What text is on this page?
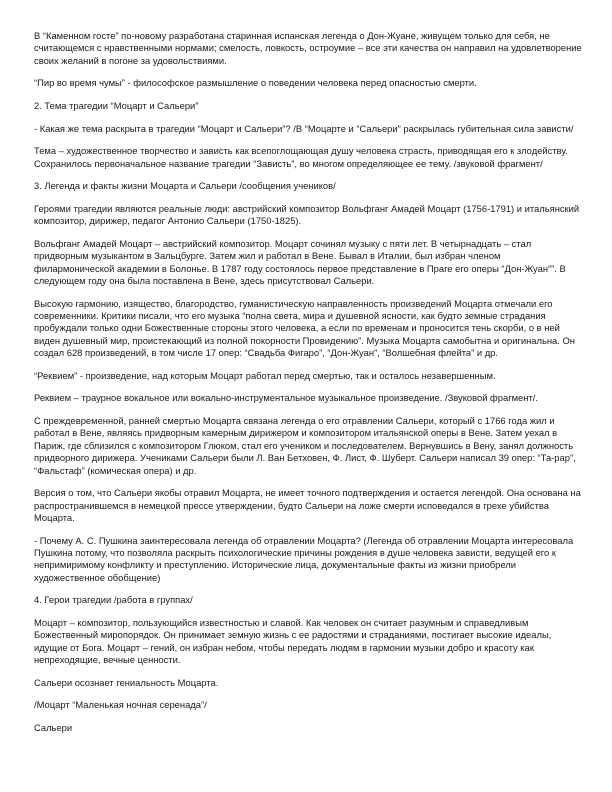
В “Каменном госте” по-новому разработана старинная испанская легенда о Дон-Жуане, живущем только для себя, не считающемся с нравственными нормами; смелость, ловкость, остроумие – все эти качества он направил на удовлетворение своих желаний в погоне за удовольствиями.

“Пир во время чумы” - философское размышление о поведении человека перед опасностью смерти.

2. Тема трагедии “Моцарт и Сальери”

- Какая же тема раскрыта в трагедии “Моцарт и Сальери”? /В “Моцарте и “Сальери” раскрылась губительная сила зависти/

Тема – художественное творчество и зависть как всепоглощающая душу человека страсть, приводящая его к злодейству. Сохранилось первоначальное название трагедии “Зависть”, во многом определяющее ее тему. /звуковой фрагмент/

3. Легенда и факты жизни Моцарта и Сальери /сообщения учеников/

Героями трагедии являются реальные люди: австрийский композитор Вольфганг Амадей Моцарт (1756-1791) и итальянский композитор, дирижер, педагог Антонио Сальери (1750-1825).

Вольфганг Амадей Моцарт – австрийский композитор. Моцарт сочинял музыку с пяти лет. В четырнадцать – стал придворным музыкантом в Зальцбурге. Затем жил и работал в Вене. Бывал в Италии, был избран членом филармонической академии в Болонье. В 1787 году состоялось первое представление в Праге его оперы “Дон-Жуан””. В следующем году она была поставлена в Вене, здесь присутствовал Сальери.

Высокую гармонию, изящество, благородство, гуманистическую направленность произведений Моцарта отмечали его современники. Критики писали, что его музыка “полна света, мира и душевной ясности, как будто земные страдания пробуждали только одни Божественные стороны этого человека, а если по временам и проносится тень скорби, о в ней виден душевный мир, проистекающий из полной покорности Провидению”. Музыка Моцарта самобытна и оригинальна. Он создал 628 произведений, в том числе 17 опер: “Свадьба Фигаро”, “Дон-Жуан”, “Волшебная флейта” и др.

“Реквием” - произведение, над которым Моцарт работал перед смертью, так и осталось незавершенным.

Реквием – траурное вокальное или вокально-инструментальное музыкальное произведение. /Звуковой фрагмент/.

С преждевременной, ранней смертью Моцарта связана легенда о его отравлении Сальери, который с 1766 года жил и работал в Вене, являясь придворным камерным дирижером и композитором итальянской оперы в Вене. Затем уехал в Париж, где сблизился с композитором Глюком, стал его учеником и последователем. Вернувшись в Вену, занял должность придворного дирижера. Учениками Сальери были Л. Ван Бетховен, Ф. Лист, Ф. Шуберт. Сальери написал 39 опер: “Та-рар”, “Фальстаф” (комическая опера) и др.

Версия о том, что Сальери якобы отравил Моцарта, не имеет точного подтверждения и остается легендой. Она основана на распространившемся в немецкой прессе утверждении, будто Сальери на ложе смерти исповедался в грехе убийства Моцарта.

- Почему А. С. Пушкина заинтересовала легенда об отравлении Моцарта? (Легенда об отравлении Моцарта интересовала Пушкина потому, что позволяла раскрыть психологические причины рождения в душе человека зависти, ведущей его к непримиримому конфликту и преступлению. Исторические лица, документальные факты из жизни приобрели художественное обобщение)

4. Герои трагедии /работа в группах/

Моцарт – композитор, пользующийся известностью и славой. Как человек он считает разумным и справедливым Божественный миропорядок. Он принимает земную жизнь с ее радостями и страданиями, постигает высокие идеалы, идущие от Бога. Моцарт – гений, он избран небом, чтобы передать людям в гармонии музыки добро и красоту как непреходящие, вечные ценности.

Сальери осознает гениальность Моцарта.

/Моцарт “Маленькая ночная серенада”/

Сальери
